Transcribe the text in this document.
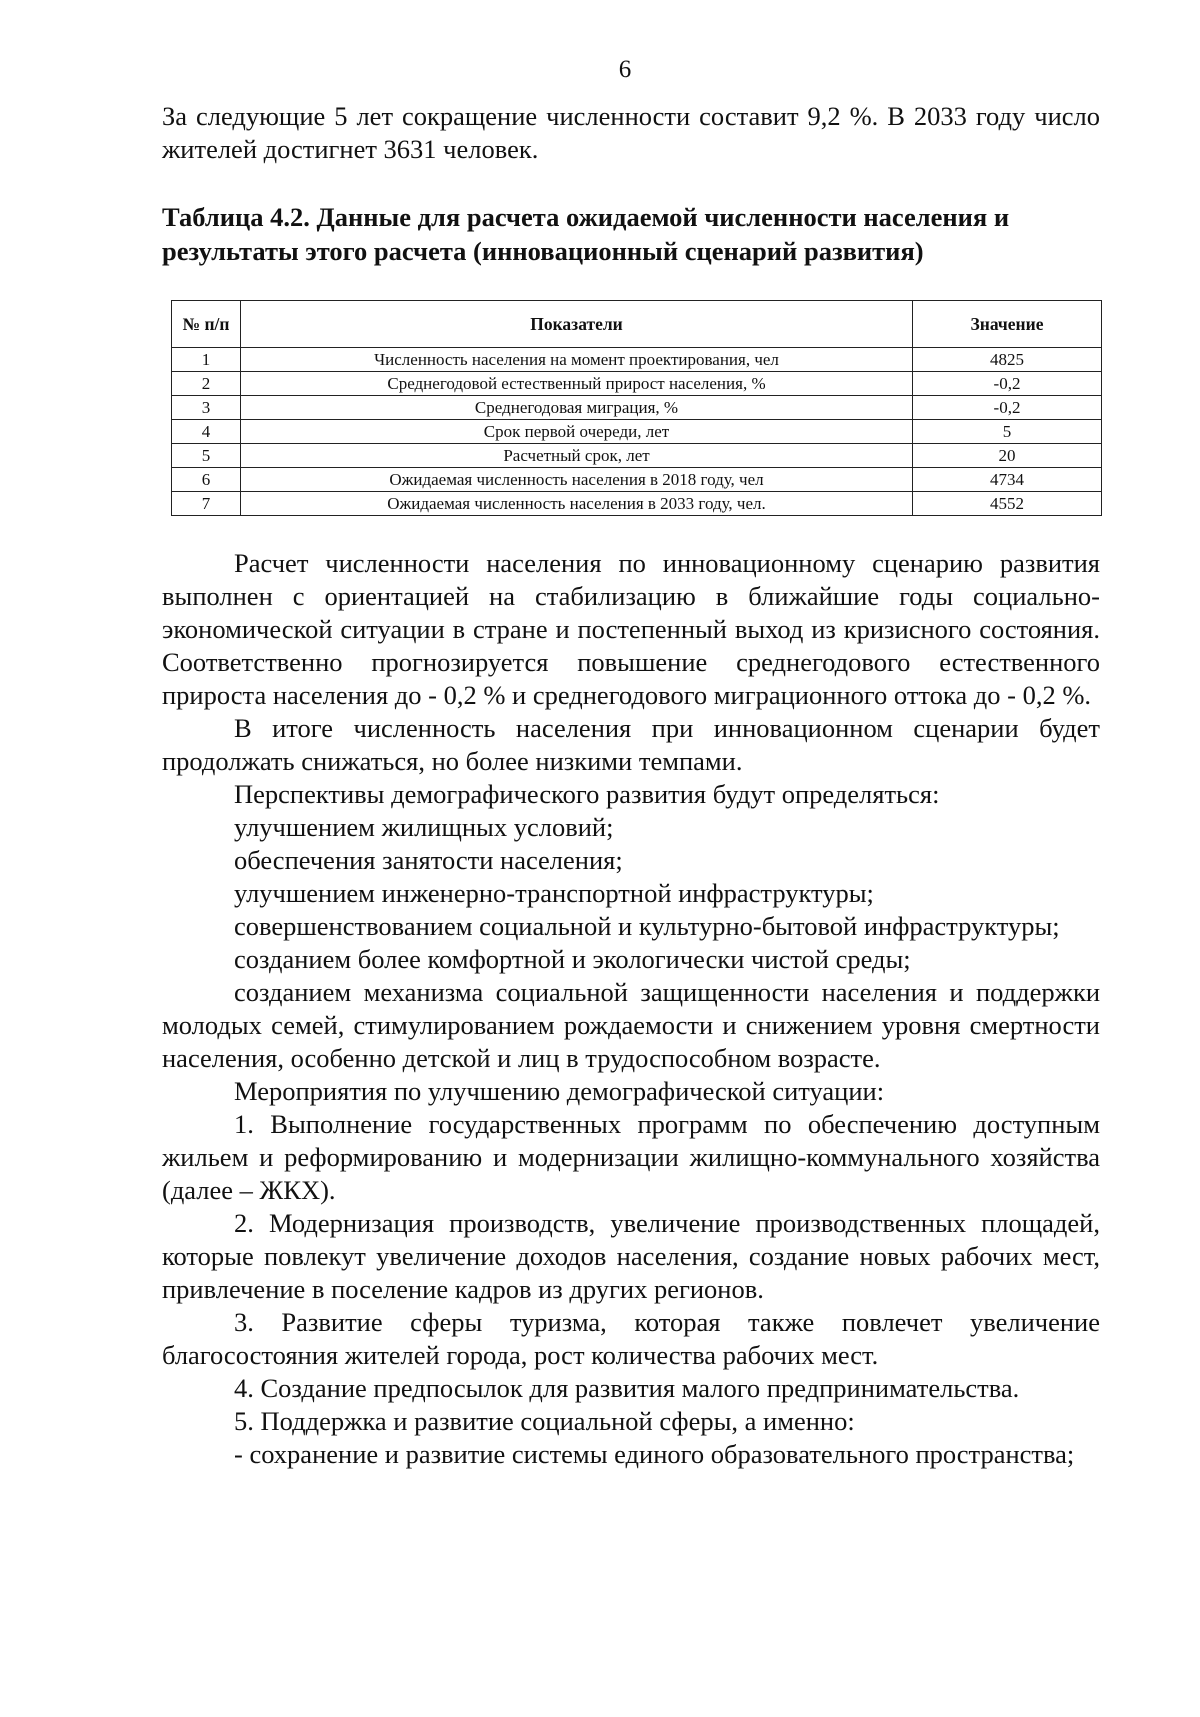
6

За следующие 5 лет сокращение численности составит 9,2 %. В 2033 году число жителей достигнет 3631 человек.

Таблица 4.2. Данные для расчета ожидаемой численности населения и результаты этого расчета (инновационный сценарий развития)
№ п/п	Показатели	Значение
1	Численность населения на момент проектирования, чел	4825
2	Среднегодовой естественный прирост населения, %	-0,2
3	Среднегодовая миграция, %	-0,2
4	Срок первой очереди, лет	5
5	Расчетный срок, лет	20
6	Ожидаемая численность населения в 2018 году, чел	4734
7	Ожидаемая численность населения в 2033 году, чел.	4552

Расчет численности населения по инновационному сценарию развития выполнен с ориентацией на стабилизацию в ближайшие годы социально-экономической ситуации в стране и постепенный выход из кризисного состояния. Соответственно прогнозируется повышение среднегодового естественного прироста населения до - 0,2 % и среднегодового миграционного оттока до - 0,2 %.

В итоге численность населения при инновационном сценарии будет продолжать снижаться, но более низкими темпами.

Перспективы демографического развития будут определяться:

улучшением жилищных условий;

обеспечения занятости населения;

улучшением инженерно-транспортной инфраструктуры;

совершенствованием социальной и культурно-бытовой инфраструктуры;

созданием более комфортной и экологически чистой среды;

созданием механизма социальной защищенности населения и поддержки молодых семей, стимулированием рождаемости и снижением уровня смертности населения, особенно детской и лиц в трудоспособном возрасте.

Мероприятия по улучшению демографической ситуации:

1. Выполнение государственных программ по обеспечению доступным жильем и реформированию и модернизации жилищно-коммунального хозяйства (далее – ЖКХ).

2. Модернизация производств, увеличение производственных площадей, которые повлекут увеличение доходов населения, создание новых рабочих мест, привлечение в поселение кадров из других регионов.

3. Развитие сферы туризма, которая также повлечет увеличение благосостояния жителей города, рост количества рабочих мест.

4. Создание предпосылок для развития малого предпринимательства.

5. Поддержка и развитие социальной сферы, а именно:

- сохранение и развитие системы единого образовательного пространства;
